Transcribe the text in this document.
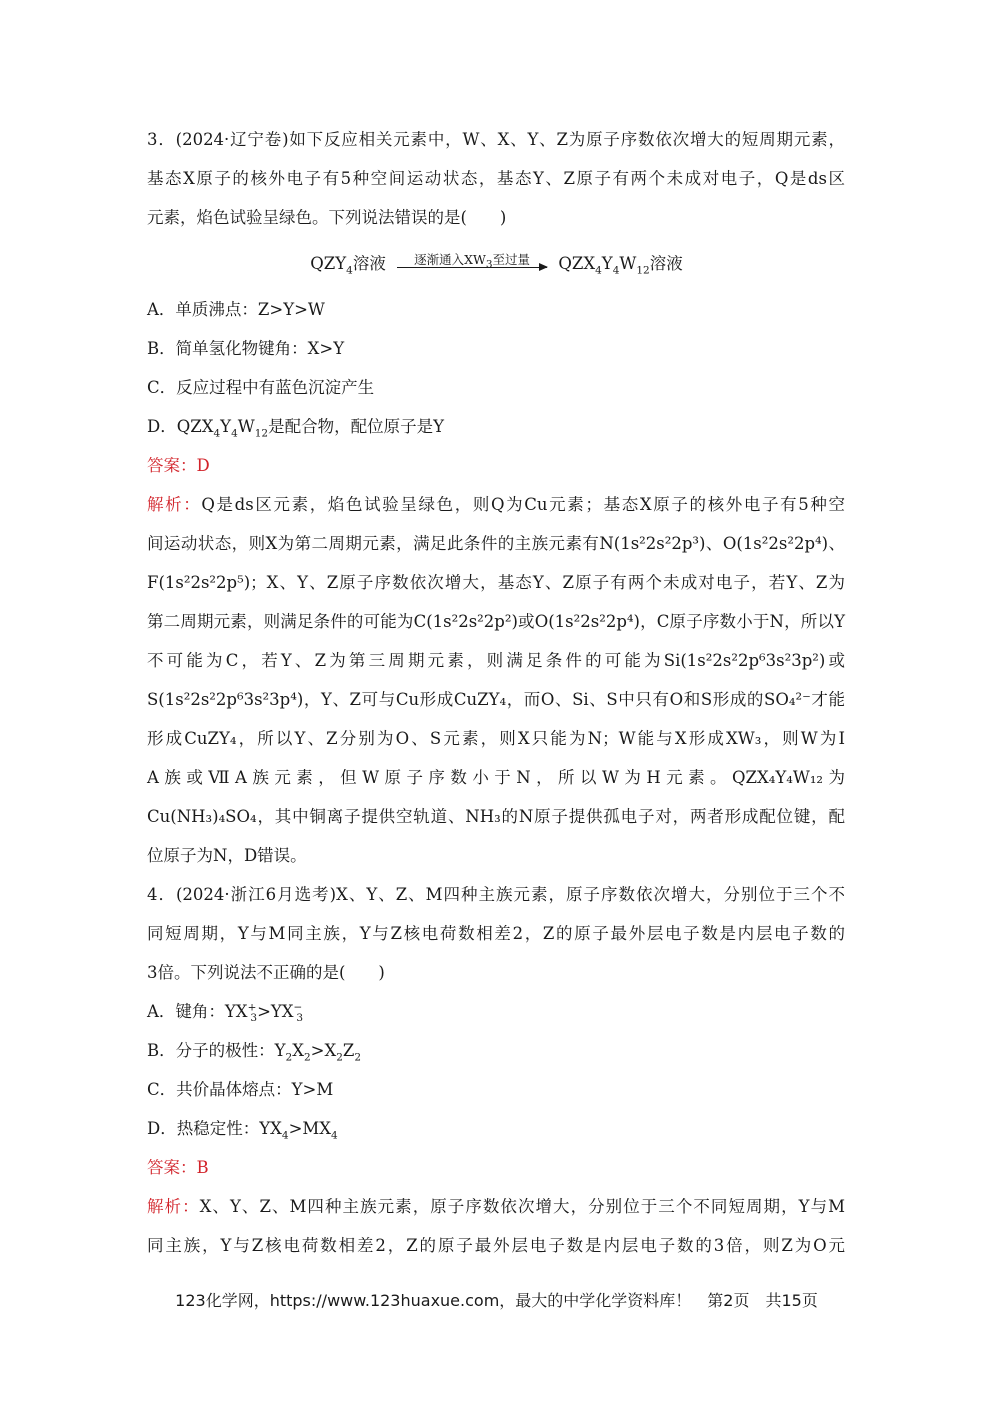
3．(2024·辽宁卷)如下反应相关元素中，W、X、Y、Z为原子序数依次增大的短周期元素，
基态X原子的核外电子有5种空间运动状态，基态Y、Z原子有两个未成对电子，Q是ds区
元素，焰色试验呈绿色。下列说法错误的是(　　)
$QZY_4$溶液	逐渐通入$XW_3$至过量	$QZX_4Y_4W_{12}$溶液
A．单质沸点：Z>Y>W
B．简单氢化物键角：X>Y
C．反应过程中有蓝色沉淀产生
D．$QZX_4Y_4W_{12}$是配合物，配位原子是Y
答案：D
解析：Q是ds区元素，焰色试验呈绿色，则Q为Cu元素；基态X原子的核外电子有5种空
间运动状态，则X为第二周期元素，满足此条件的主族元素有N(1s²2s²2p³)、O(1s²2s²2p⁴)、
F(1s²2s²2p⁵)；X、Y、Z原子序数依次增大，基态Y、Z原子有两个未成对电子，若Y、Z为
第二周期元素，则满足条件的可能为C(1s²2s²2p²)或O(1s²2s²2p⁴)，C原子序数小于N，所以Y
不可能为C，若Y、Z为第三周期元素，则满足条件的可能为Si(1s²2s²2p⁶3s²3p²)或
S(1s²2s²2p⁶3s²3p⁴)，Y、Z可与Cu形成CuZY₄，而O、Si、S中只有O和S形成的SO₄²⁻才能
形成CuZY₄，所以Y、Z分别为O、S元素，则X只能为N；W能与X形成XW₃，则W为Ⅰ
A族或ⅦA族元素，但W原子序数小于N，所以W为H元素。QZX₄Y₄W₁₂为
Cu(NH₃)₄SO₄，其中铜离子提供空轨道、NH₃的N原子提供孤电子对，两者形成配位键，配
位原子为N，D错误。
4．(2024·浙江6月选考)X、Y、Z、M四种主族元素，原子序数依次增大，分别位于三个不
同短周期，Y与M同主族，Y与Z核电荷数相差2，Z的原子最外层电子数是内层电子数的
3倍。下列说法不正确的是(　　)
A．键角：$YX^+_3>YX^-_3$
B．分子的极性：$Y_2X_2>X_2Z_2$
C．共价晶体熔点：Y>M
D．热稳定性：$YX_4>MX_4$
答案：B
解析：X、Y、Z、M四种主族元素，原子序数依次增大，分别位于三个不同短周期，Y与M
同主族，Y与Z核电荷数相差2，Z的原子最外层电子数是内层电子数的3倍，则Z为O元
123化学网，https://www.123huaxue.com，最大的中学化学资料库！　第2页　共15页
